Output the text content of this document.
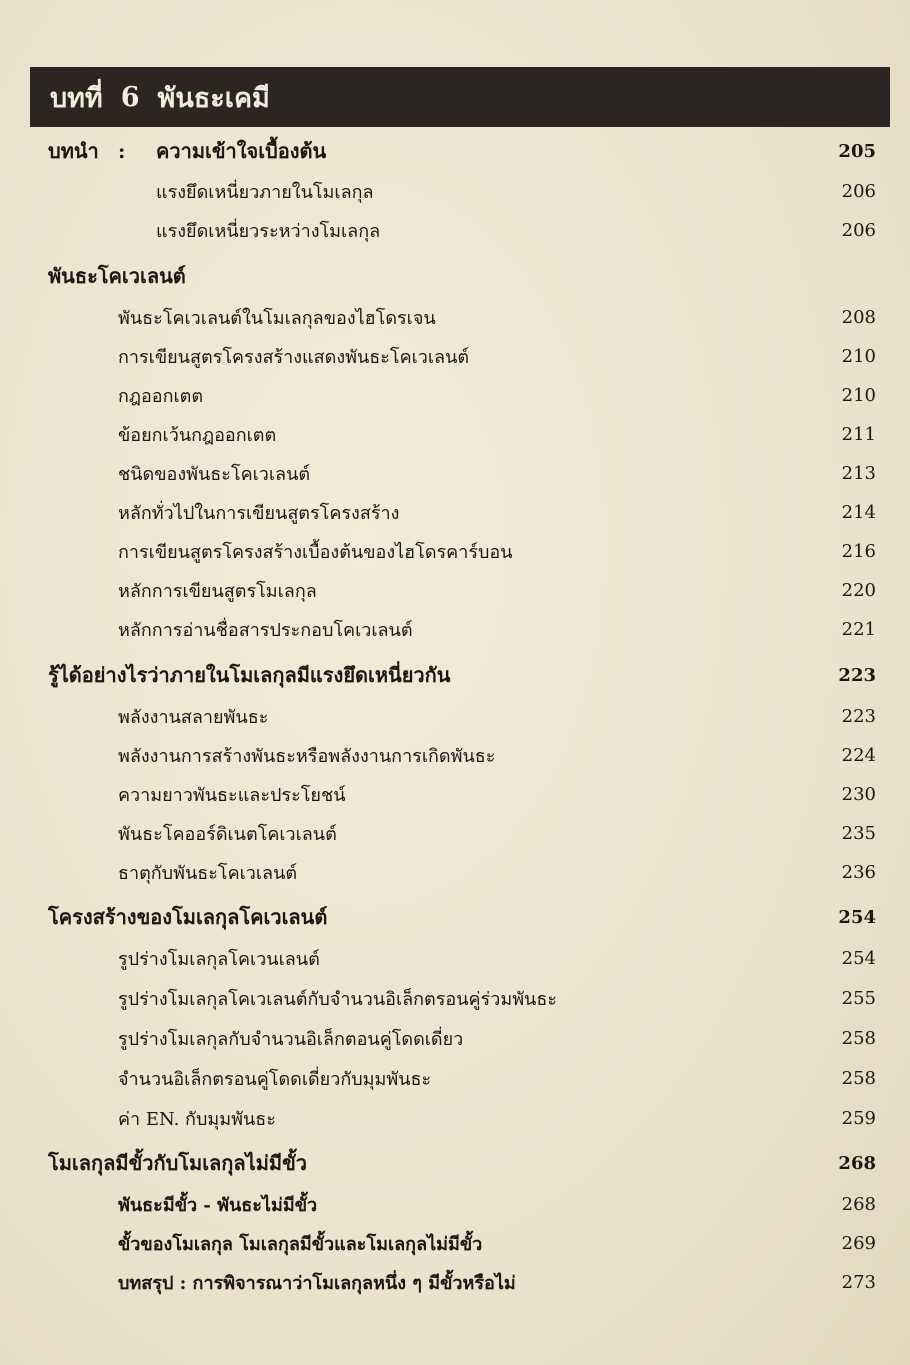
บทที่ 6 พันธะเคมี
บทนำ : ความเข้าใจเบื้องต้น	205
แรงยึดเหนี่ยวภายในโมเลกุล	206
แรงยึดเหนี่ยวระหว่างโมเลกุล	206
พันธะโคเวเลนต์
พันธะโคเวเลนต์ในโมเลกุลของไฮโดรเจน	208
การเขียนสูตรโครงสร้างแสดงพันธะโคเวเลนต์	210
กฎออกเตต	210
ข้อยกเว้นกฎออกเตต	211
ชนิดของพันธะโคเวเลนต์	213
หลักทั่วไปในการเขียนสูตรโครงสร้าง	214
การเขียนสูตรโครงสร้างเบื้องต้นของไฮโดรคาร์บอน	216
หลักการเขียนสูตรโมเลกุล	220
หลักการอ่านชื่อสารประกอบโคเวเลนต์	221
รู้ได้อย่างไรว่าภายในโมเลกุลมีแรงยึดเหนี่ยวกัน	223
พลังงานสลายพันธะ	223
พลังงานการสร้างพันธะหรือพลังงานการเกิดพันธะ	224
ความยาวพันธะและประโยชน์	230
พันธะโคออร์ดิเนตโคเวเลนต์	235
ธาตุกับพันธะโคเวเลนต์	236
โครงสร้างของโมเลกุลโคเวเลนต์	254
รูปร่างโมเลกุลโคเวนเลนต์	254
รูปร่างโมเลกุลโคเวเลนต์กับจำนวนอิเล็กตรอนคู่ร่วมพันธะ	255
รูปร่างโมเลกุลกับจำนวนอิเล็กตอนคู่โดดเดี่ยว	258
จำนวนอิเล็กตรอนคู่โดดเดี่ยวกับมุมพันธะ	258
ค่า EN. กับมุมพันธะ	259
โมเลกุลมีขั้วกับโมเลกุลไม่มีขั้ว	268
พันธะมีขั้ว - พันธะไม่มีขั้ว	268
ขั้วของโมเลกุล โมเลกุลมีขั้วและโมเลกุลไม่มีขั้ว	269
บทสรุป : การพิจารณาว่าโมเลกุลหนึ่ง ๆ มีขั้วหรือไม่	273
